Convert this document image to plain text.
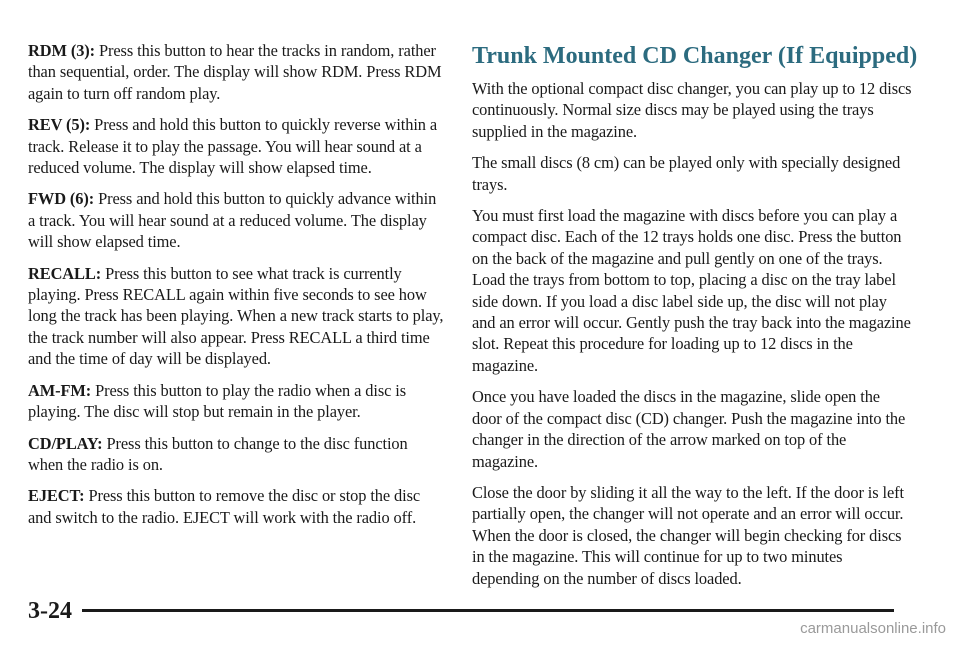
RDM (3): Press this button to hear the tracks in random, rather than sequential, order. The display will show RDM. Press RDM again to turn off random play.

REV (5): Press and hold this button to quickly reverse within a track. Release it to play the passage. You will hear sound at a reduced volume. The display will show elapsed time.

FWD (6): Press and hold this button to quickly advance within a track. You will hear sound at a reduced volume. The display will show elapsed time.

RECALL: Press this button to see what track is currently playing. Press RECALL again within five seconds to see how long the track has been playing. When a new track starts to play, the track number will also appear. Press RECALL a third time and the time of day will be displayed.

AM-FM: Press this button to play the radio when a disc is playing. The disc will stop but remain in the player.

CD/PLAY: Press this button to change to the disc function when the radio is on.

EJECT: Press this button to remove the disc or stop the disc and switch to the radio. EJECT will work with the radio off.

Trunk Mounted CD Changer (If Equipped)

With the optional compact disc changer, you can play up to 12 discs continuously. Normal size discs may be played using the trays supplied in the magazine.

The small discs (8 cm) can be played only with specially designed trays.

You must first load the magazine with discs before you can play a compact disc. Each of the 12 trays holds one disc. Press the button on the back of the magazine and pull gently on one of the trays. Load the trays from bottom to top, placing a disc on the tray label side down. If you load a disc label side up, the disc will not play and an error will occur. Gently push the tray back into the magazine slot. Repeat this procedure for loading up to 12 discs in the magazine.

Once you have loaded the discs in the magazine, slide open the door of the compact disc (CD) changer. Push the magazine into the changer in the direction of the arrow marked on top of the magazine.

Close the door by sliding it all the way to the left. If the door is left partially open, the changer will not operate and an error will occur. When the door is closed, the changer will begin checking for discs in the magazine. This will continue for up to two minutes depending on the number of discs loaded.

3-24
carmanualsonline.info
